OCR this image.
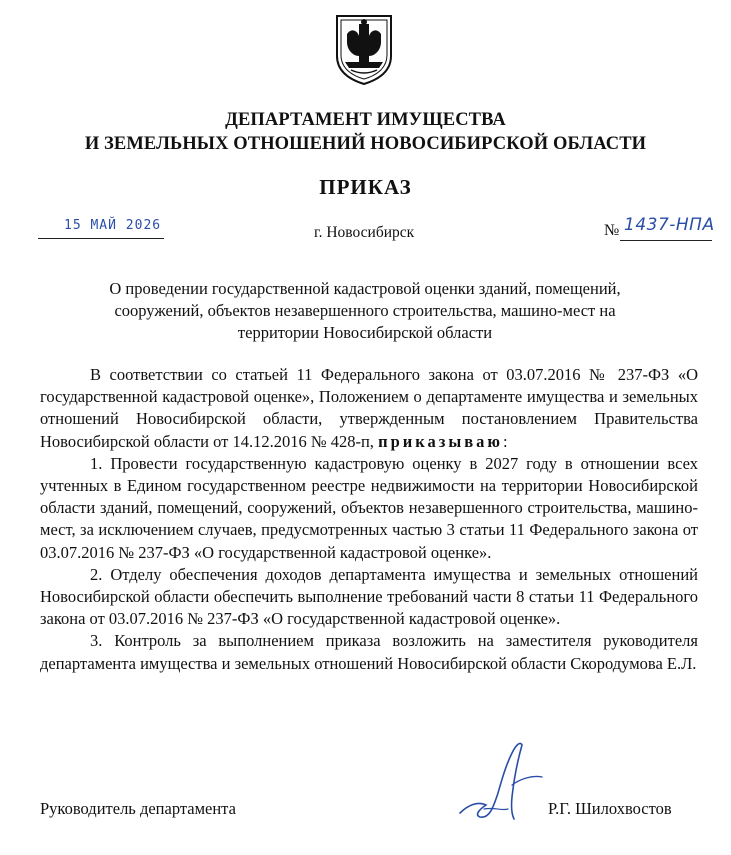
ДЕПАРТАМЕНТ ИМУЩЕСТВА
И ЗЕМЕЛЬНЫХ ОТНОШЕНИЙ НОВОСИБИРСКОЙ ОБЛАСТИ
ПРИКАЗ
15 МАЙ 2026	г. Новосибирск	№ 1437-НПА
О проведении государственной кадастровой оценки зданий, помещений,
сооружений, объектов незавершенного строительства, машино-мест на
территории Новосибирской области
В соответствии со статьей 11 Федерального закона от 03.07.2016 № 237-ФЗ «О государственной кадастровой оценке», Положением о департаменте имущества и земельных отношений Новосибирской области, утвержденным постановлением Правительства Новосибирской области от 14.12.2016 № 428-п, приказываю:
1. Провести государственную кадастровую оценку в 2027 году в отношении всех учтенных в Едином государственном реестре недвижимости на территории Новосибирской области зданий, помещений, сооружений, объектов незавершенного строительства, машино-мест, за исключением случаев, предусмотренных частью 3 статьи 11 Федерального закона от 03.07.2016 № 237-ФЗ «О государственной кадастровой оценке».
2. Отделу обеспечения доходов департамента имущества и земельных отношений Новосибирской области обеспечить выполнение требований части 8 статьи 11 Федерального закона от 03.07.2016 № 237-ФЗ «О государственной кадастровой оценке».
3. Контроль за выполнением приказа возложить на заместителя руководителя департамента имущества и земельных отношений Новосибирской области Скородумова Е.Л.
Руководитель департамента	Р.Г. Шилохвостов
